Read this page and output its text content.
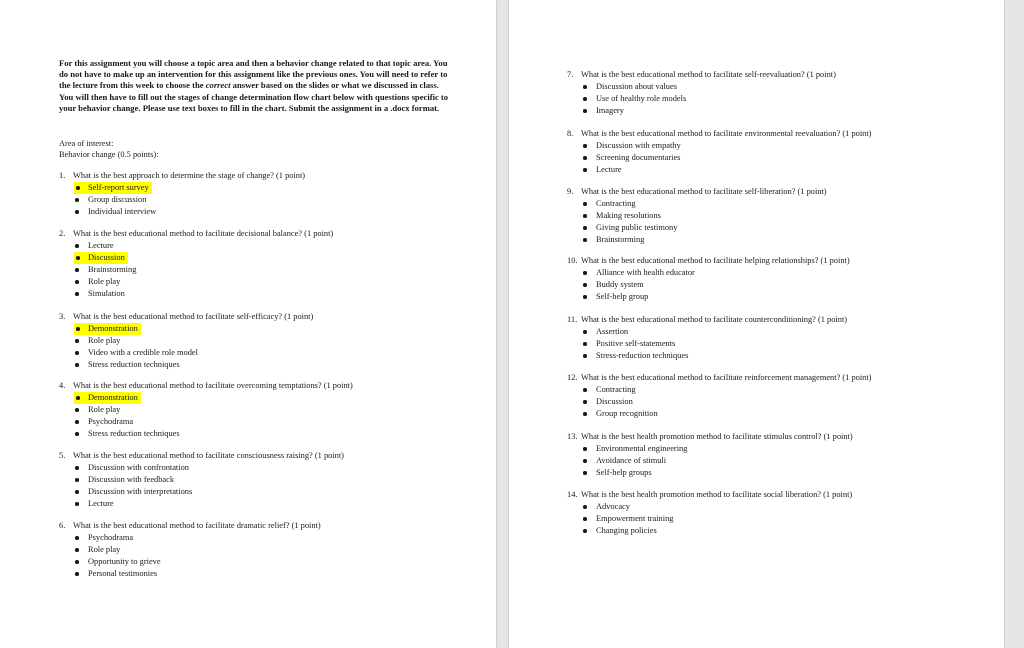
For this assignment you will choose a topic area and then a behavior change related to that topic area. You do not have to make up an intervention for this assignment like the previous ones. You will need to refer to the lecture from this week to choose the correct answer based on the slides or what we discussed in class. You will then have to fill out the stages of change determination flow chart below with questions specific to your behavior change. Please use text boxes to fill in the chart. Submit the assignment in a .docx format.
Area of interest:
Behavior change (0.5 points):
1. What is the best approach to determine the stage of change? (1 point)
Self-report survey

Group discussion
Individual interview
2. What is the best educational method to facilitate decisional balance? (1 point)
Lecture
Discussion

Brainstorming
Role play
Simulation
3. What is the best educational method to facilitate self-efficacy? (1 point)
Demonstration

Role play
Video with a credible role model
Stress reduction techniques
4. What is the best educational method to facilitate overcoming temptations? (1 point)
Demonstration

Role play
Psychodrama
Stress reduction techniques
5. What is the best educational method to facilitate consciousness raising? (1 point)
Discussion with confrontation
Discussion with feedback
Discussion with interpretations
Lecture
6. What is the best educational method to facilitate dramatic relief? (1 point)
Psychodrama
Role play
Opportunity to grieve
Personal testimonies
7. What is the best educational method to facilitate self-reevaluation? (1 point)
Discussion about values
Use of healthy role models
Imagery
8. What is the best educational method to facilitate environmental reevaluation? (1 point)
Discussion with empathy
Screening documentaries
Lecture
9. What is the best educational method to facilitate self-liberation? (1 point)
Contracting
Making resolutions
Giving public testimony
Brainstorming
10. What is the best educational method to facilitate helping relationships? (1 point)
Alliance with health educator
Buddy system
Self-help group
11. What is the best educational method to facilitate counterconditioning? (1 point)
Assertion
Positive self-statements
Stress-reduction techniques
12. What is the best educational method to facilitate reinforcement management? (1 point)
Contracting
Discussion
Group recognition
13. What is the best health promotion method to facilitate stimulus control? (1 point)
Environmental engineering
Avoidance of stimuli
Self-help groups
14. What is the best health promotion method to facilitate social liberation? (1 point)
Advocacy
Empowerment training
Changing policies
